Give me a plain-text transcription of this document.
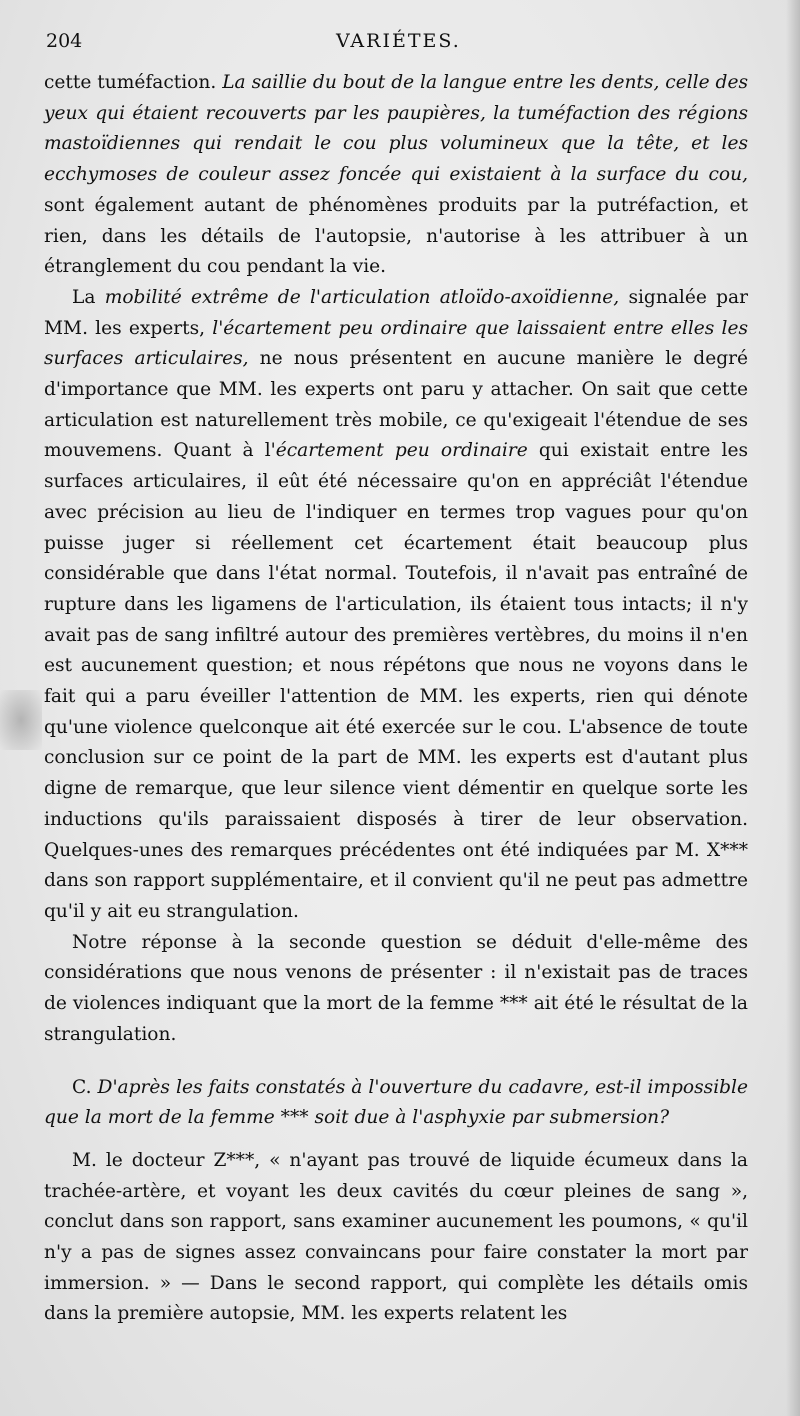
204	VARIÉTES.

cette tuméfaction. La saillie du bout de la langue entre les dents, celle des yeux qui étaient recouverts par les paupières, la tuméfaction des régions mastoïdiennes qui rendait le cou plus volumineux que la tête, et les ecchymoses de couleur assez foncée qui existaient à la surface du cou, sont également autant de phénomènes produits par la putréfaction, et rien, dans les détails de l'autopsie, n'autorise à les attribuer à un étranglement du cou pendant la vie.

La mobilité extrême de l'articulation atloïdo-axoïdienne, signalée par MM. les experts, l'écartement peu ordinaire que laissaient entre elles les surfaces articulaires, ne nous présentent en aucune manière le degré d'importance que MM. les experts ont paru y attacher. On sait que cette articulation est naturellement très mobile, ce qu'exigeait l'étendue de ses mouvemens. Quant à l'écartement peu ordinaire qui existait entre les surfaces articulaires, il eût été nécessaire qu'on en appréciât l'étendue avec précision au lieu de l'indiquer en termes trop vagues pour qu'on puisse juger si réellement cet écartement était beaucoup plus considérable que dans l'état normal. Toutefois, il n'avait pas entraîné de rupture dans les ligamens de l'articulation, ils étaient tous intacts; il n'y avait pas de sang infiltré autour des premières vertèbres, du moins il n'en est aucunement question; et nous répétons que nous ne voyons dans le fait qui a paru éveiller l'attention de MM. les experts, rien qui dénote qu'une violence quelconque ait été exercée sur le cou. L'absence de toute conclusion sur ce point de la part de MM. les experts est d'autant plus digne de remarque, que leur silence vient démentir en quelque sorte les inductions qu'ils paraissaient disposés à tirer de leur observation. Quelques-unes des remarques précédentes ont été indiquées par M. X*** dans son rapport supplémentaire, et il convient qu'il ne peut pas admettre qu'il y ait eu strangulation.

Notre réponse à la seconde question se déduit d'elle-même des considérations que nous venons de présenter : il n'existait pas de traces de violences indiquant que la mort de la femme *** ait été le résultat de la strangulation.

C. D'après les faits constatés à l'ouverture du cadavre, est-il impossible que la mort de la femme *** soit due à l'asphyxie par submersion?

M. le docteur Z***, « n'ayant pas trouvé de liquide écumeux dans la trachée-artère, et voyant les deux cavités du cœur pleines de sang », conclut dans son rapport, sans examiner aucunement les poumons, « qu'il n'y a pas de signes assez convaincans pour faire constater la mort par immersion. » — Dans le second rapport, qui complète les détails omis dans la première autopsie, MM. les experts relatent les
